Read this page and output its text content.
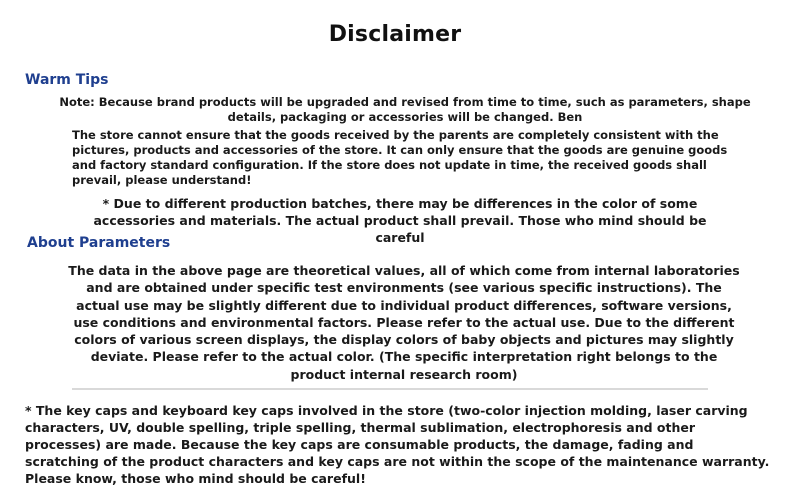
Disclaimer
Warm Tips
Note: Because brand products will be upgraded and revised from time to time, such as parameters, shape details, packaging or accessories will be changed. Ben
The store cannot ensure that the goods received by the parents are completely consistent with the pictures, products and accessories of the store. It can only ensure that the goods are genuine goods and factory standard configuration. If the store does not update in time, the received goods shall prevail, please understand!
* Due to different production batches, there may be differences in the color of some accessories and materials. The actual product shall prevail. Those who mind should be careful
About Parameters
The data in the above page are theoretical values, all of which come from internal laboratories and are obtained under specific test environments (see various specific instructions). The actual use may be slightly different due to individual product differences, software versions, use conditions and environmental factors. Please refer to the actual use. Due to the different colors of various screen displays, the display colors of baby objects and pictures may slightly deviate. Please refer to the actual color. (The specific interpretation right belongs to the product internal research room)
* The key caps and keyboard key caps involved in the store (two-color injection molding, laser carving characters, UV, double spelling, triple spelling, thermal sublimation, electrophoresis and other processes) are made. Because the key caps are consumable products, the damage, fading and scratching of the product characters and key caps are not within the scope of the maintenance warranty. Please know, those who mind should be careful!
